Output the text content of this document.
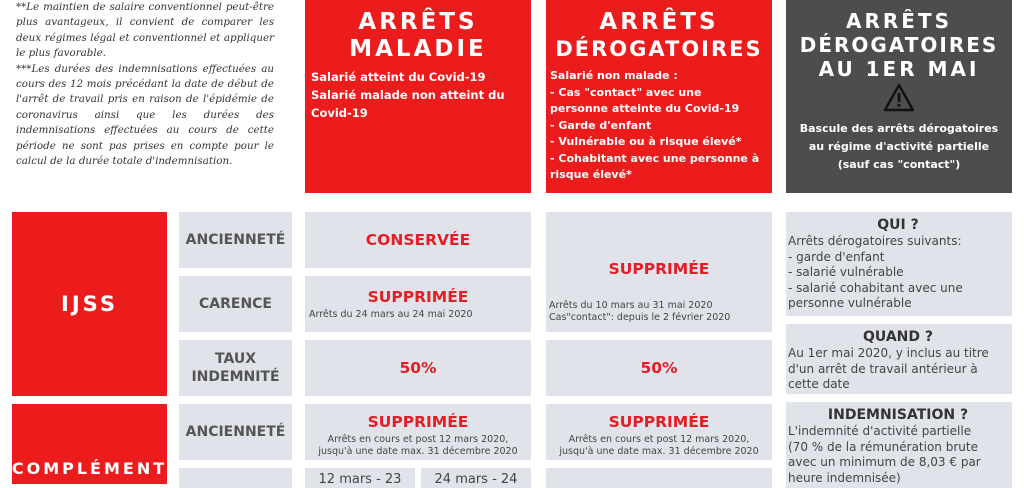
**Le maintien de salaire conventionnel peut-être plus avantageux, il convient de comparer les deux régimes légal et conventionnel et appliquer le plus favorable.

***Les durées des indemnisations effectuées au cours des 12 mois précédant la date de début de l'arrêt de travail pris en raison de l'épidémie de coronavirus ainsi que les durées des indemnisations effectuées au cours de cette période ne sont pas prises en compte pour le calcul de la durée totale d'indemnisation.

ARRÊTS
MALADIE
Salarié atteint du Covid-19
Salarié malade non atteint du
Covid-19
ARRÊTS
DÉROGATOIRES
Salarié non malade :
- Cas "contact" avec une
personne atteinte du Covid-19
- Garde d'enfant
- Vulnérable ou à risque élevé*
- Cohabitant avec une personne à
risque élevé*
ARRÊTS
DÉROGATOIRES
AU 1ER MAI
Bascule des arrêts dérogatoires
au régime d'activité partielle
(sauf cas "contact")
IJSS
COMPLÉMENT
ANCIENNETÉ
CARENCE
TAUX
INDEMNITÉ
ANCIENNETÉ
CONSERVÉE
SUPPRIMÉE
Arrêts du 24 mars au 24 mai 2020
50%
SUPPRIMÉE
Arrêts en cours et post 12 mars 2020,
jusqu'à une date max. 31 décembre 2020
12 mars - 23	24 mars - 24
SUPPRIMÉE
Arrêts du 10 mars au 31 mai 2020
Cas"contact": depuis le 2 février 2020
50%
SUPPRIMÉE
Arrêts en cours et post 12 mars 2020,
jusqu'à une date max. 31 décembre 2020
QUI ?
Arrêts dérogatoires suivants:
- garde d'enfant
- salarié vulnérable
- salarié cohabitant avec une
personne vulnérable
QUAND ?
Au 1er mai 2020, y inclus au titre
d'un arrêt de travail antérieur à
cette date
INDEMNISATION ?
L'indemnité d'activité partielle
(70 % de la rémunération brute
avec un minimum de 8,03 € par
heure indemnisée)
